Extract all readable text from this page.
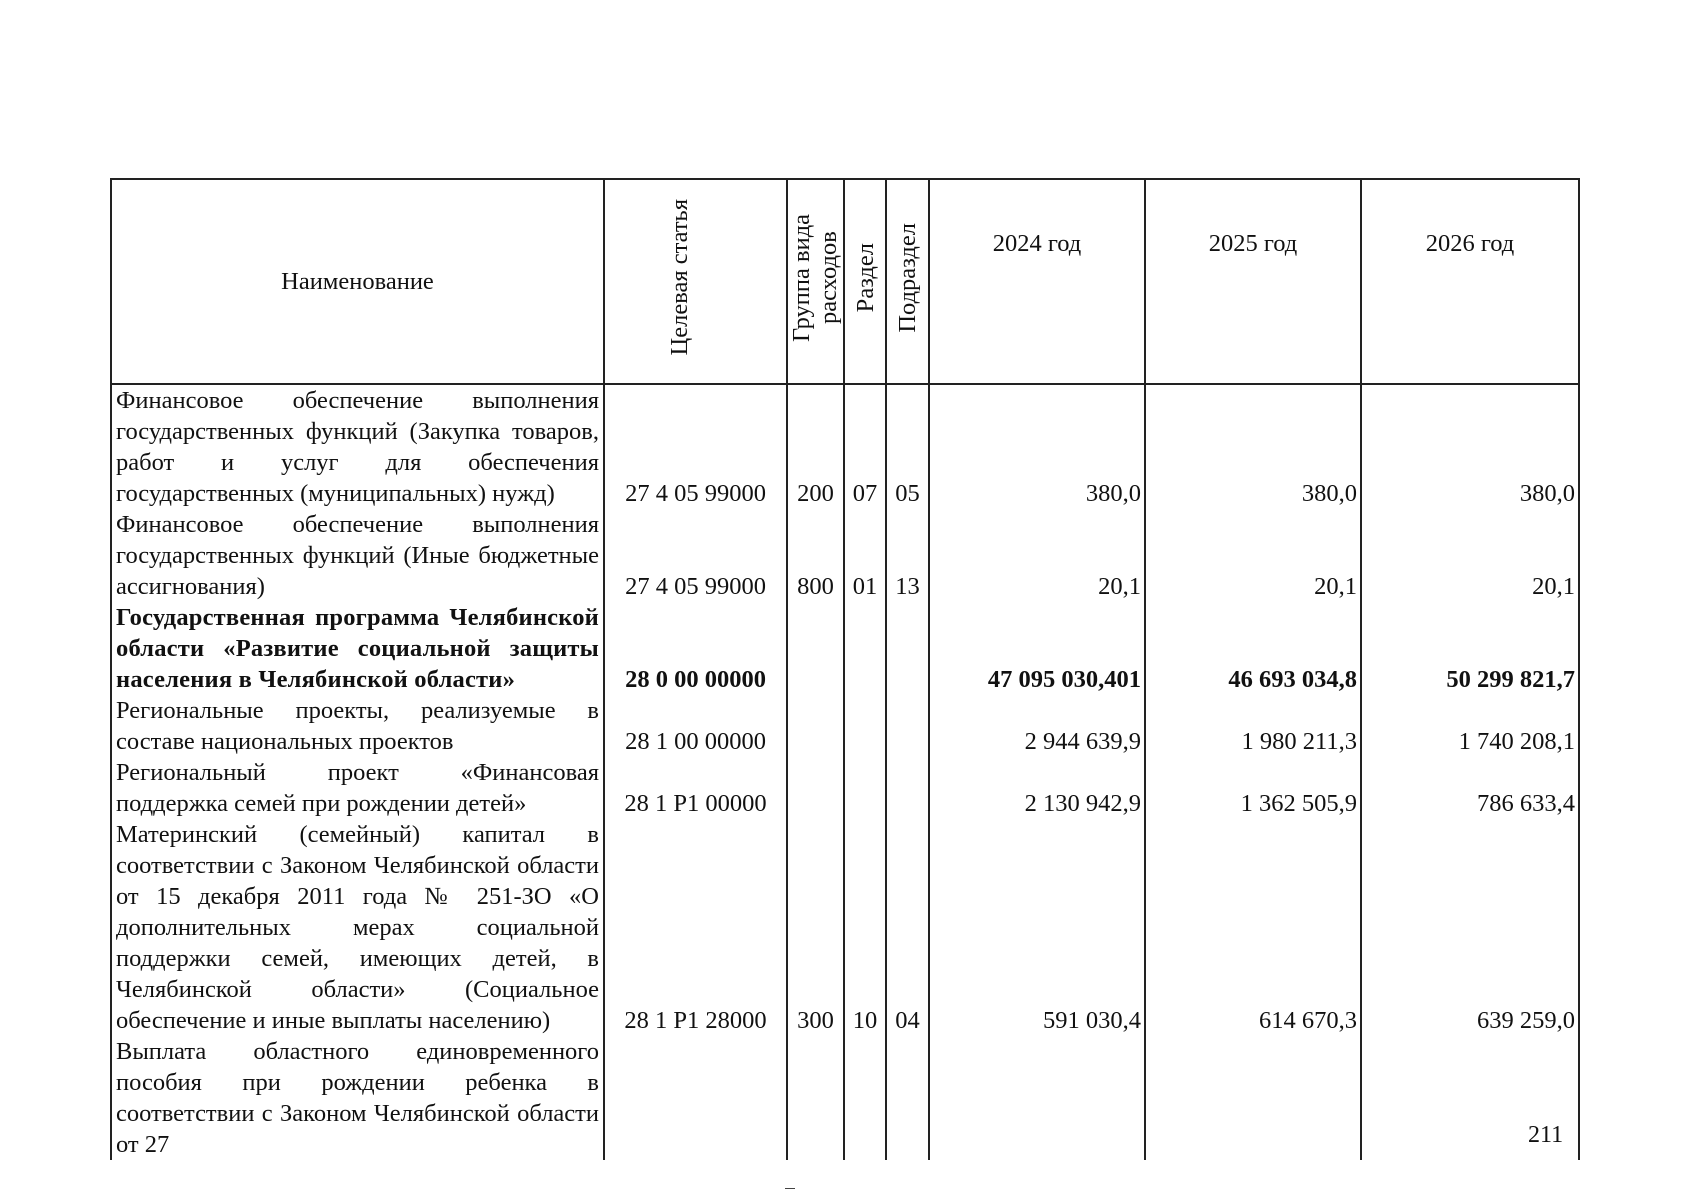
Наименование	Целевая статья	Группа вида расходов	Раздел	Подраздел	2024 год	2025 год	2026 год
Финансовое обеспечение выполнения государственных функций (Закупка товаров, работ и услуг для обеспечения государственных (муниципальных) нужд)	27 4 05 99000	200	07	05	380,0	380,0	380,0
Финансовое обеспечение выполнения государственных функций (Иные бюджетные ассигнования)	27 4 05 99000	800	01	13	20,1	20,1	20,1
Государственная программа Челябинской области «Развитие социальной защиты населения в Челябинской области»	28 0 00 00000				47 095 030,401	46 693 034,8	50 299 821,7
Региональные проекты, реализуемые в составе национальных проектов	28 1 00 00000				2 944 639,9	1 980 211,3	1 740 208,1
Региональный проект «Финансовая поддержка семей при рождении детей»	28 1 P1 00000				2 130 942,9	1 362 505,9	786 633,4
Материнский (семейный) капитал в соответствии с Законом Челябинской области от 15 декабря 2011 года № 251-ЗО «О дополнительных мерах социальной поддержки семей, имеющих детей, в Челябинской области» (Социальное обеспечение и иные выплаты населению)	28 1 P1 28000	300	10	04	591 030,4	614 670,3	639 259,0
Выплата областного единовременного пособия при рождении ребенка в соответствии с Законом Челябинской области от 27								211
